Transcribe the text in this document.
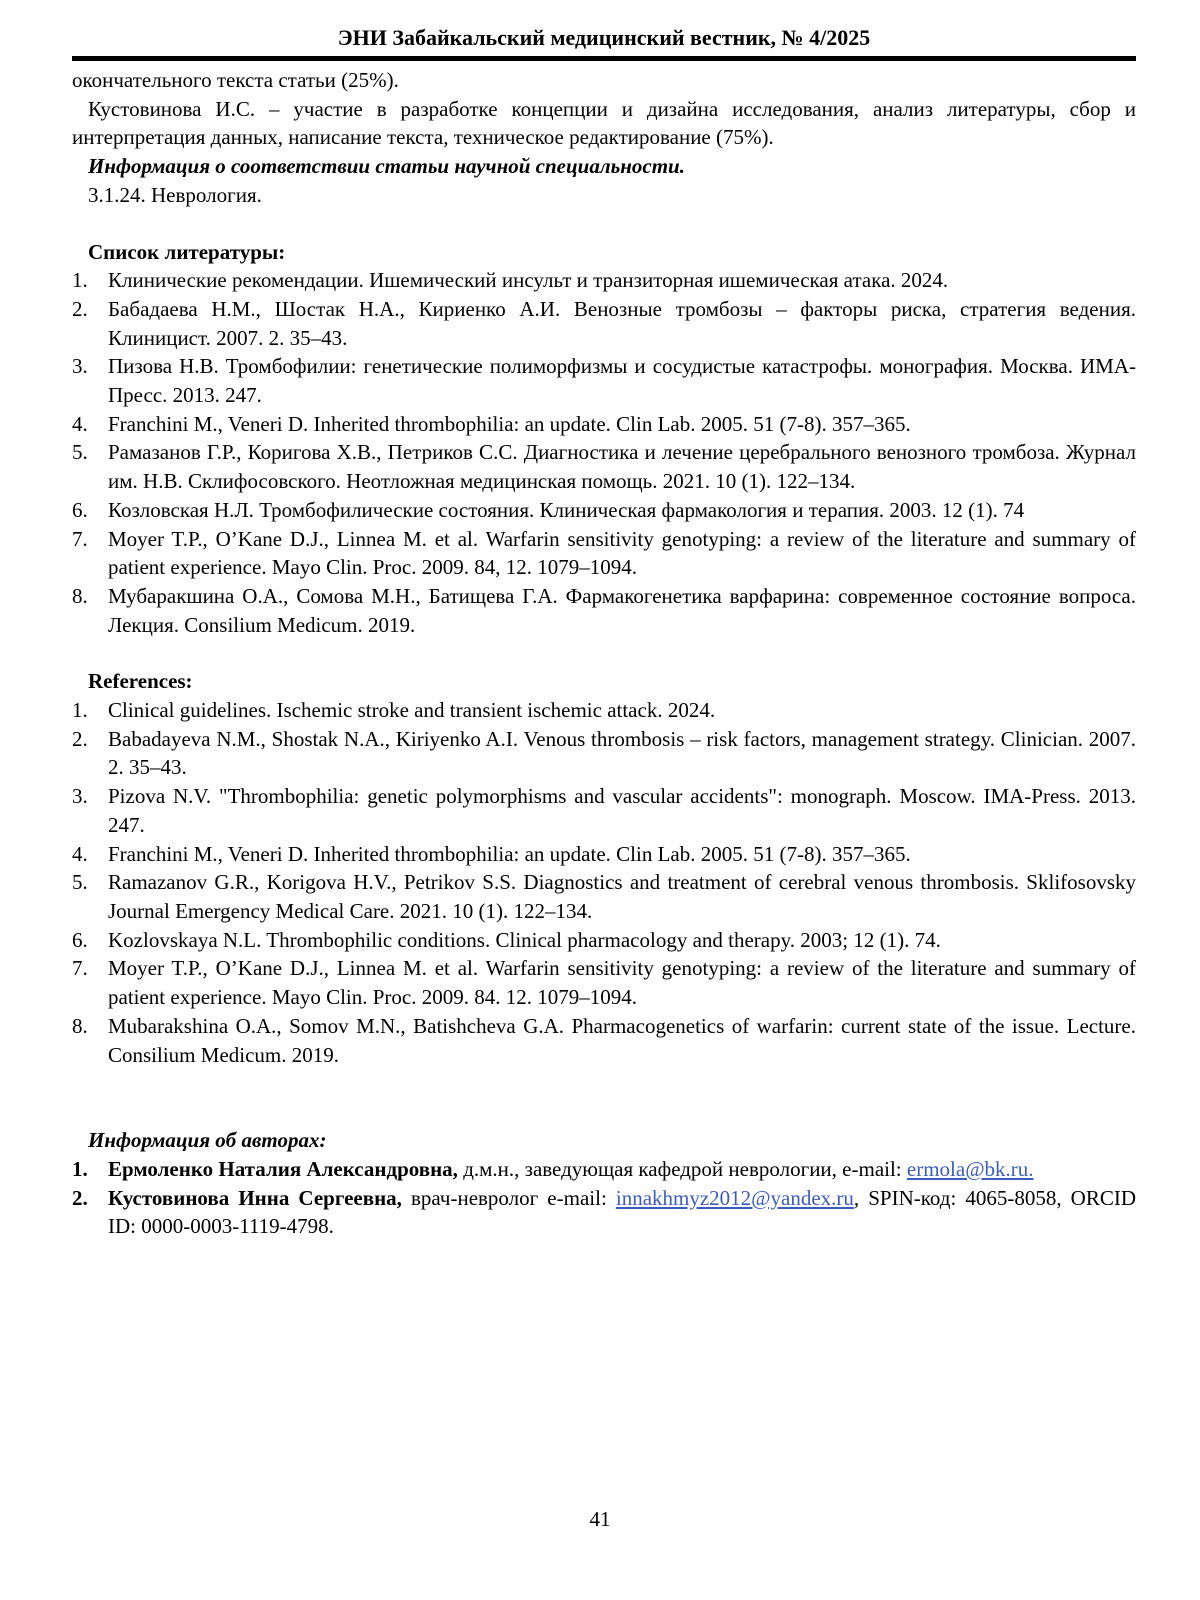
ЭНИ Забайкальский медицинский вестник, № 4/2025

окончательного текста статьи (25%).

Кустовинова И.С. – участие в разработке концепции и дизайна исследования, анализ литературы, сбор и интерпретация данных, написание текста, техническое редактирование (75%).

Информация о соответствии статьи научной специальности.

3.1.24. Неврология.

Список литературы:

1. Клинические рекомендации. Ишемический инсульт и транзиторная ишемическая атака. 2024.
2. Бабадаева Н.М., Шостак Н.А., Кириенко А.И. Венозные тромбозы – факторы риска, стратегия ведения. Клиницист. 2007. 2. 35–43.
3. Пизова Н.В. Тромбофилии: генетические полиморфизмы и сосудистые катастрофы. монография. Москва. ИМА-Пресс. 2013. 247.
4. Franchini M., Veneri D. Inherited thrombophilia: an update. Clin Lab. 2005. 51 (7-8). 357–365.
5. Рамазанов Г.Р., Коригова Х.В., Петриков С.С. Диагностика и лечение церебрального венозного тромбоза. Журнал им. Н.В. Склифосовского. Неотложная медицинская помощь. 2021. 10 (1). 122–134.
6. Козловская Н.Л. Тромбофилические состояния. Клиническая фармакология и терапия. 2003. 12 (1). 74
7. Moyer T.P., O’Kane D.J., Linnea M. et al. Warfarin sensitivity genotyping: a review of the literature and summary of patient experience. Mayo Clin. Proc. 2009. 84, 12. 1079–1094.
8. Мубаракшина О.А., Сомова М.Н., Батищева Г.А. Фармакогенетика варфарина: современное состояние вопроса. Лекция. Consilium Medicum. 2019.

References:

1. Clinical guidelines. Ischemic stroke and transient ischemic attack. 2024.
2. Babadayeva N.M., Shostak N.A., Kiriyenko A.I. Venous thrombosis – risk factors, management strategy. Clinician. 2007. 2. 35–43.
3. Pizova N.V. "Thrombophilia: genetic polymorphisms and vascular accidents": monograph. Moscow. IMA-Press. 2013. 247.
4. Franchini M., Veneri D. Inherited thrombophilia: an update. Clin Lab. 2005. 51 (7-8). 357–365.
5. Ramazanov G.R., Korigova H.V., Petrikov S.S. Diagnostics and treatment of cerebral venous thrombosis. Sklifosovsky Journal Emergency Medical Care. 2021. 10 (1). 122–134.
6. Kozlovskaya N.L. Thrombophilic conditions. Clinical pharmacology and therapy. 2003; 12 (1). 74.
7. Moyer T.P., O’Kane D.J., Linnea M. et al. Warfarin sensitivity genotyping: a review of the literature and summary of patient experience. Mayo Clin. Proc. 2009. 84. 12. 1079–1094.
8. Mubarakshina O.A., Somov M.N., Batishcheva G.A. Pharmacogenetics of warfarin: current state of the issue. Lecture. Consilium Medicum. 2019.

Информация об авторах:

1. Ермоленко Наталия Александровна, д.м.н., заведующая кафедрой неврологии, e-mail: ermola@bk.ru.
2. Кустовинова Инна Сергеевна, врач-невролог e-mail: innakhmyz2012@yandex.ru, SPIN-код: 4065-8058, ORCID ID: 0000-0003-1119-4798.
41
